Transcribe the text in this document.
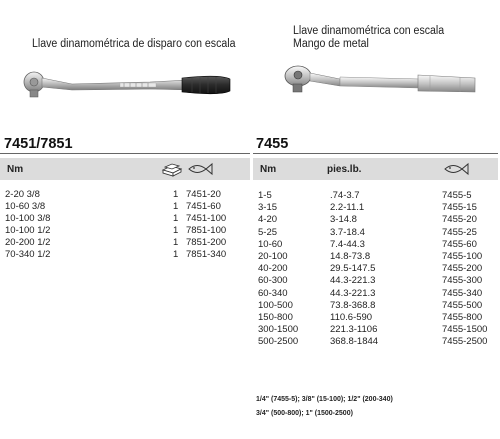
Llave dinamométrica de disparo con escala
Llave dinamométrica con escala
Mango de metal
7451/7851
Nm
2-20 3/8	1 7451-20
10-60 3/8	1 7451-60
10-100 3/8	1 7451-100
10-100 1/2	1 7851-100
20-200 1/2	1 7851-200
70-340 1/2	1 7851-340
7455
Nm	pies.lb.
1-5	.74-3.7	7455-5
3-15	2.2-11.1	7455-15
4-20	3-14.8	7455-20
5-25	3.7-18.4	7455-25
10-60	7.4-44.3	7455-60
20-100	14.8-73.8	7455-100
40-200	29.5-147.5	7455-200
60-300	44.3-221.3	7455-300
60-340	44.3-221.3	7455-340
100-500	73.8-368.8	7455-500
150-800	110.6-590	7455-800
300-1500	221.3-1106	7455-1500
500-2500	368.8-1844	7455-2500
1/4" (7455-5); 3/8" (15-100); 1/2" (200-340)
3/4" (500-800); 1" (1500-2500)
